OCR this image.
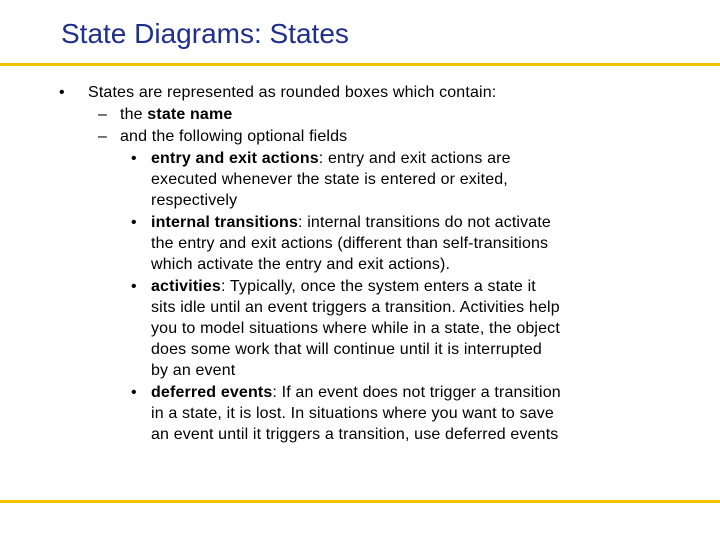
State Diagrams: States
• States are represented as rounded boxes which contain:
– the state name
– and the following optional fields
• entry and exit actions: entry and exit actions are
executed whenever the state is entered or exited,
respectively
• internal transitions: internal transitions do not activate
the entry and exit actions (different than self-transitions
which activate the entry and exit actions).
• activities: Typically, once the system enters a state it
sits idle until an event triggers a transition. Activities help
you to model situations where while in a state, the object
does some work that will continue until it is interrupted
by an event
• deferred events: If an event does not trigger a transition
in a state, it is lost. In situations where you want to save
an event until it triggers a transition, use deferred events
